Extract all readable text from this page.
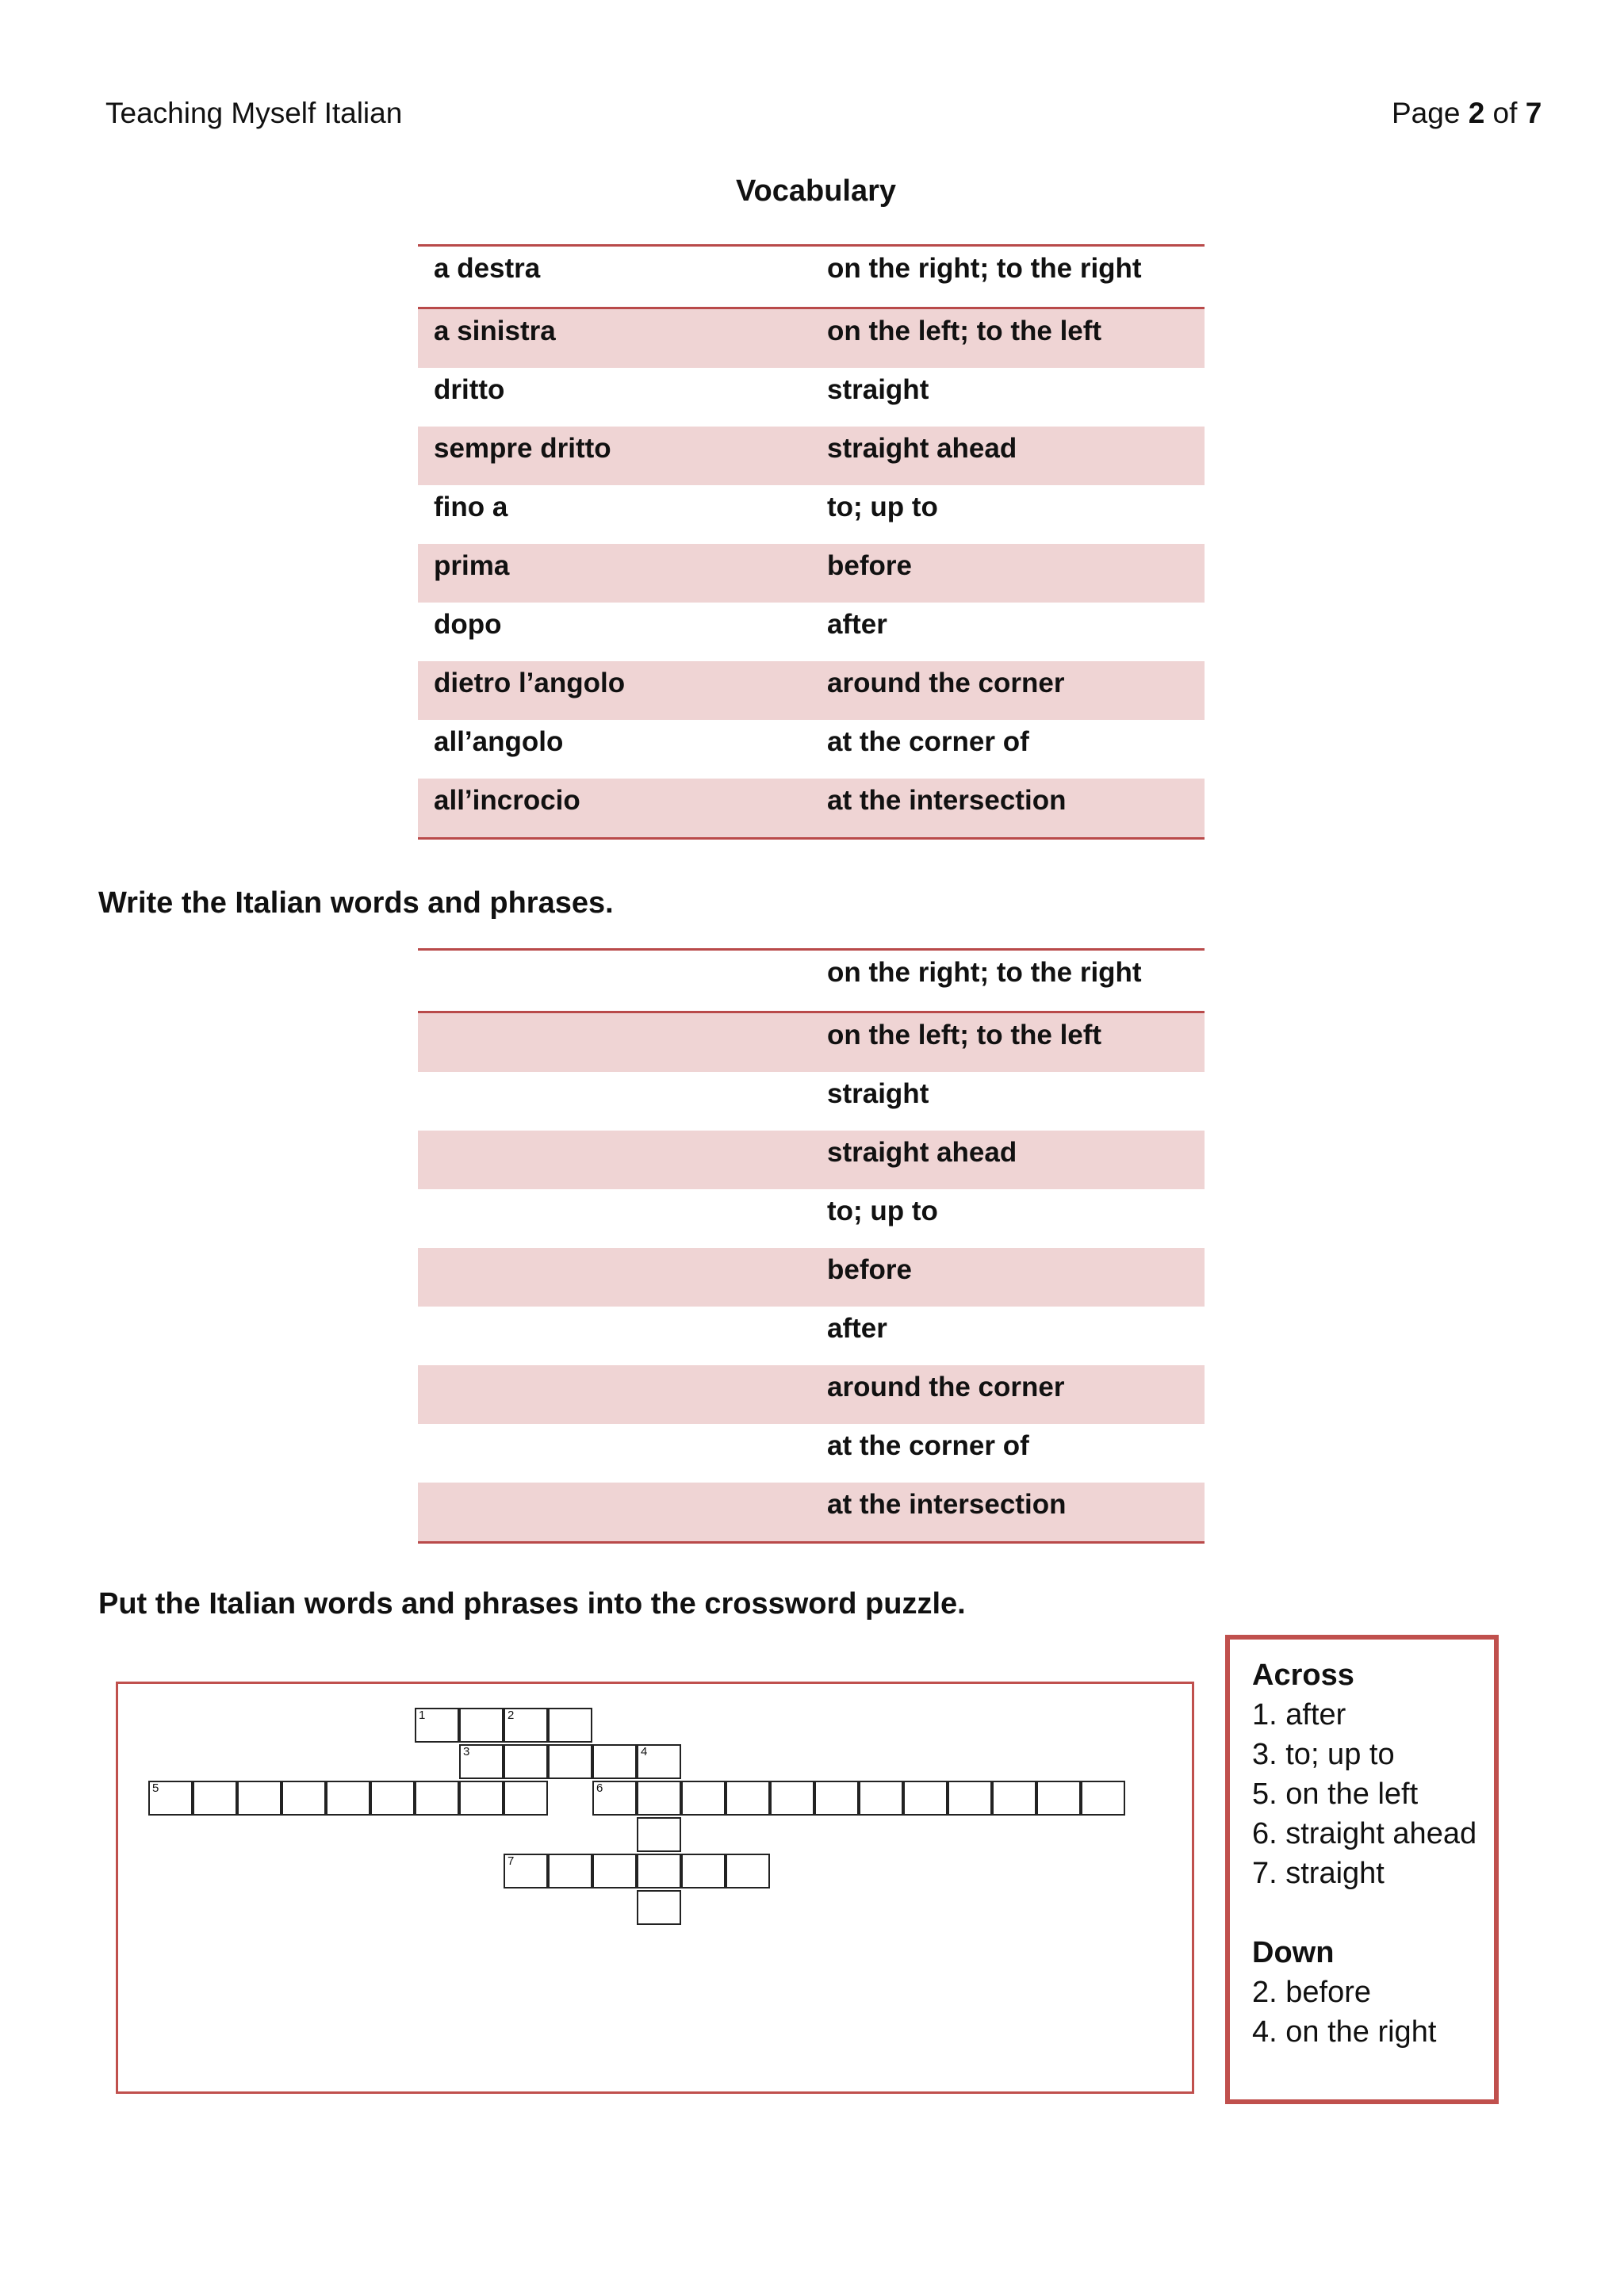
Teaching Myself Italian	Page 2 of 7
Vocabulary
a destra	on the right; to the right
a sinistra	on the left; to the left
dritto	straight
sempre dritto	straight ahead
fino a	to; up to
prima	before
dopo	after
dietro l’angolo	around the corner
all’angolo	at the corner of
all’incrocio	at the intersection
Write the Italian words and phrases.
on the right; to the right
on the left; to the left
straight
straight ahead
to; up to
before
after
around the corner
at the corner of
at the intersection
Put the Italian words and phrases into the crossword puzzle.
1	2
3	4
5	6
7
Across
1. after
3. to; up to
5. on the left
6. straight ahead
7. straight
Down
2. before
4. on the right
